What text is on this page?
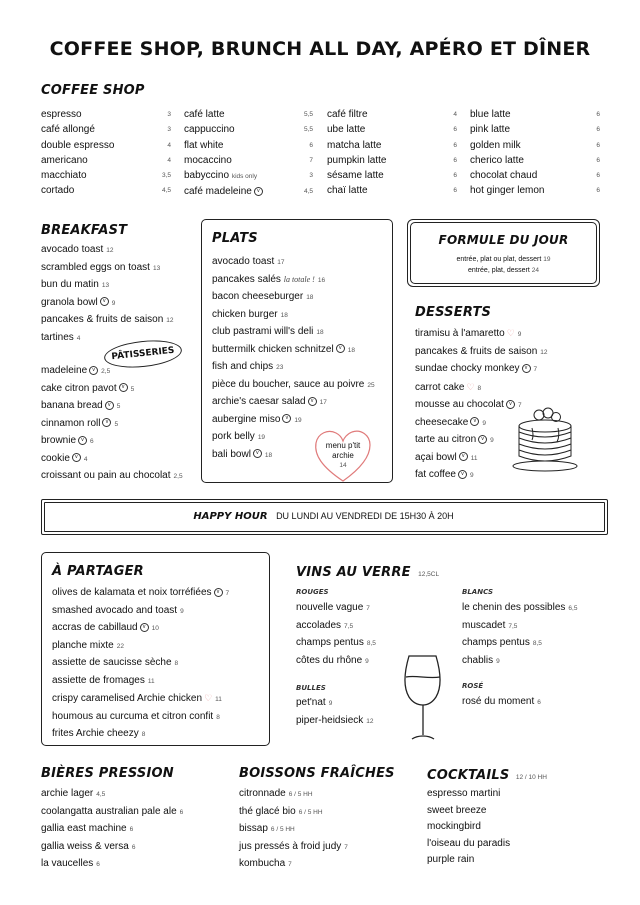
COFFEE SHOP, BRUNCH ALL DAY, APÉRO ET DÎNER
COFFEE SHOP
espresso	3
café allongé	3
double espresso	4
americano	4
macchiato	3,5
cortado	4,5
café latte	5,5
cappuccino	5,5
flat white	6
mocaccino	7
babyccino kids only	3
café madeleine v	4,5
café filtre	4
ube latte	6
matcha latte	6
pumpkin latte	6
sésame latte	6
chaï latte	6
blue latte	6
pink latte	6
golden milk	6
cherico latte	6
chocolat chaud	6
hot ginger lemon	6
BREAKFAST
avocado toast 12
scrambled eggs on toast 13
bun du matin 13
granola bowl v 9
pancakes & fruits de saison 12
tartines 4
PÂTISSERIES
madeleine v 2,5
cake citron pavot v 5
banana bread v 5
cinnamon roll v 5
brownie v 6
cookie v 4
croissant ou pain au chocolat 2,5
PLATS
avocado toast 17
pancakes salés la totale ! 16
bacon cheeseburger 18
chicken burger 18
club pastrami will's deli 18
buttermilk chicken schnitzel v 18
fish and chips 23
pièce du boucher, sauce au poivre 25
archie's caesar salad v 17
aubergine miso v 19
pork belly 19
bali bowl v 18
menu p'tit
archie
14
FORMULE DU JOUR
entrée, plat ou plat, dessert 19
entrée, plat, dessert 24
DESSERTS
tiramisu à l'amaretto ♡ 9
pancakes & fruits de saison 12
sundae chocky monkey v 7
carrot cake ♡ 8
mousse au chocolat v 7
cheesecake v 9
tarte au citron v 9
açai bowl v 11
fat coffee v 9
HAPPY HOUR DU LUNDI AU VENDREDI DE 15H30 À 20H
À PARTAGER
olives de kalamata et noix torréfiées v 7
smashed avocado and toast 9
accras de cabillaud v 10
planche mixte 22
assiette de saucisse sèche 8
assiette de fromages 11
crispy caramelised Archie chicken ♡ 11
houmous au curcuma et citron confit 8
frites Archie cheezy 8
VINS AU VERRE 12,5CL
ROUGES
nouvelle vague 7
accolades 7,5
champs pentus 8,5
côtes du rhône 9
BULLES
pet'nat 9
piper-heidsieck 12
BLANCS
le chenin des possibles 6,5
muscadet 7,5
champs pentus 8,5
chablis 9
ROSÉ
rosé du moment 6
BIÈRES PRESSION
archie lager 4,5
coolangatta australian pale ale 6
gallia east machine 6
gallia weiss & versa 6
la vaucelles 6
BOISSONS FRAÎCHES
citronnade 6 / 5 HH
thé glacé bio 6 / 5 HH
bissap 6 / 5 HH
jus pressés à froid judy 7
kombucha 7
COCKTAILS 12 / 10 HH
espresso martini
sweet breeze
mockingbird
l'oiseau du paradis
purple rain
